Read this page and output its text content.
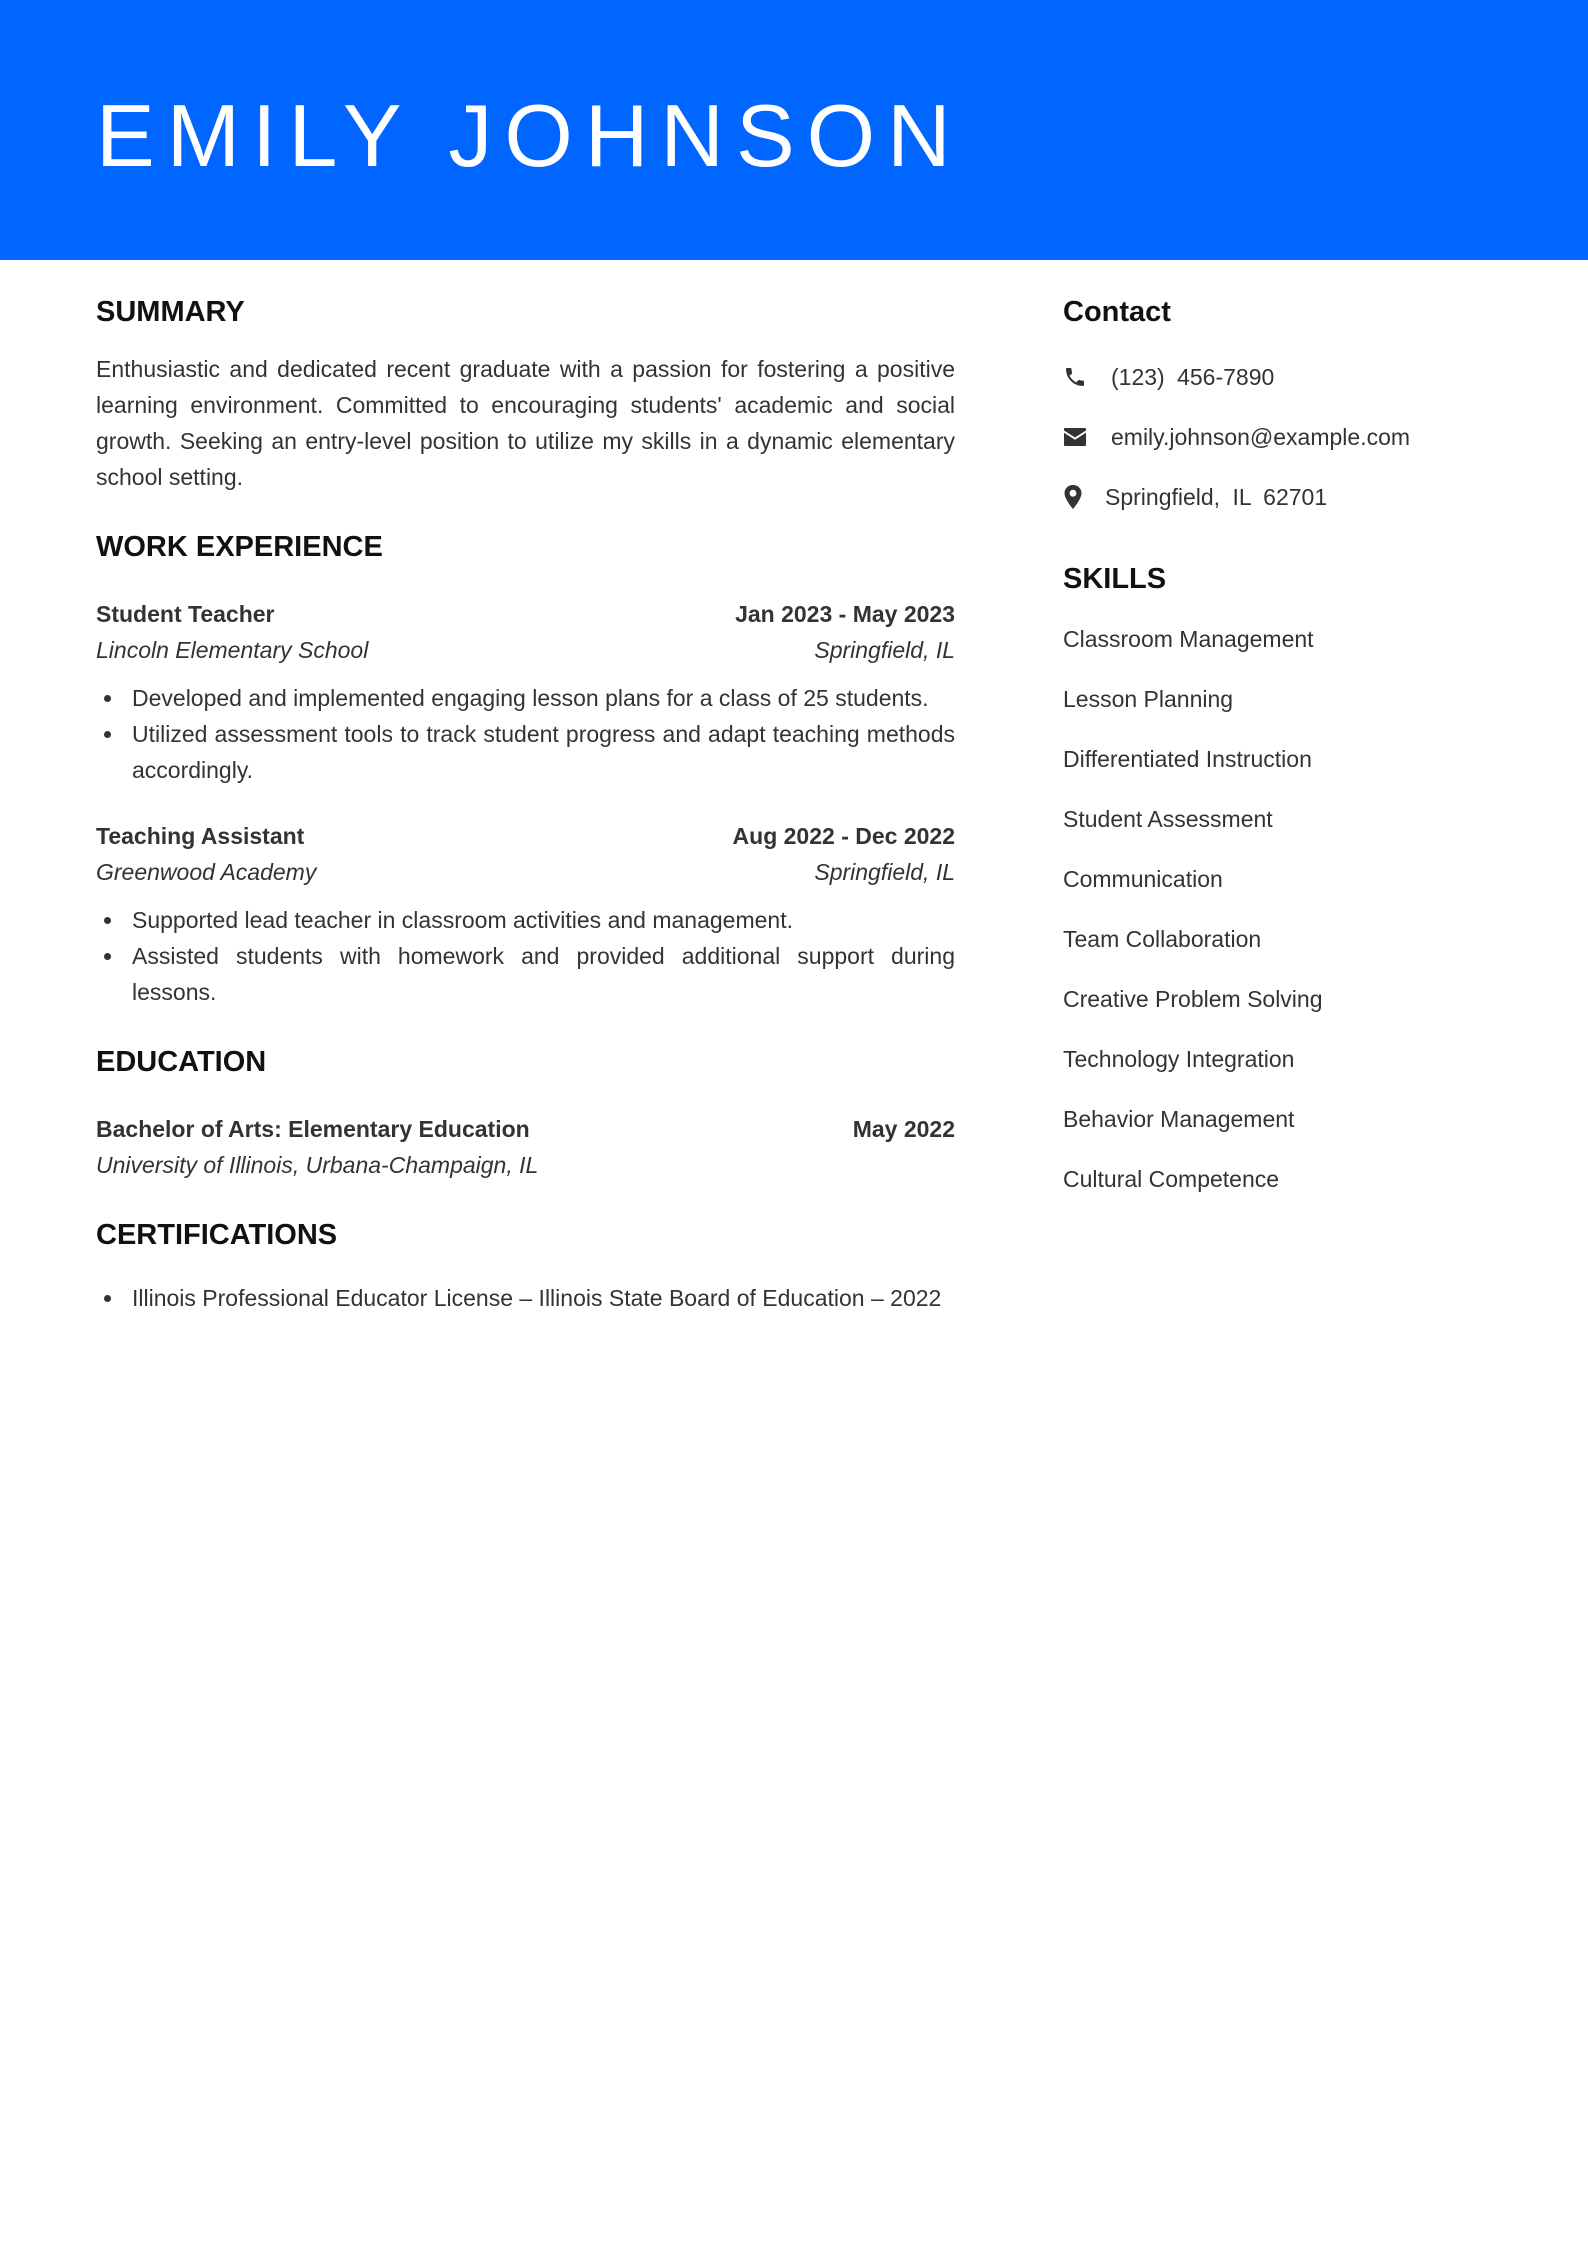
EMILY JOHNSON
SUMMARY
Enthusiastic and dedicated recent graduate with a passion for fostering a positive learning environment. Committed to encouraging students' academic and social growth. Seeking an entry-level position to utilize my skills in a dynamic elementary school setting.
WORK EXPERIENCE
Student Teacher	Jan 2023 - May 2023
Lincoln Elementary School	Springfield, IL
Developed and implemented engaging lesson plans for a class of 25 students.
Utilized assessment tools to track student progress and adapt teaching methods accordingly.
Teaching Assistant	Aug 2022 - Dec 2022
Greenwood Academy	Springfield, IL
Supported lead teacher in classroom activities and management.
Assisted students with homework and provided additional support during lessons.
EDUCATION
Bachelor of Arts: Elementary Education	May 2022
University of Illinois, Urbana-Champaign, IL
CERTIFICATIONS
Illinois Professional Educator License – Illinois State Board of Education – 2022
Contact
(123) 456-7890
emily.johnson@example.com
Springfield, IL 62701
SKILLS
Classroom Management
Lesson Planning
Differentiated Instruction
Student Assessment
Communication
Team Collaboration
Creative Problem Solving
Technology Integration
Behavior Management
Cultural Competence
